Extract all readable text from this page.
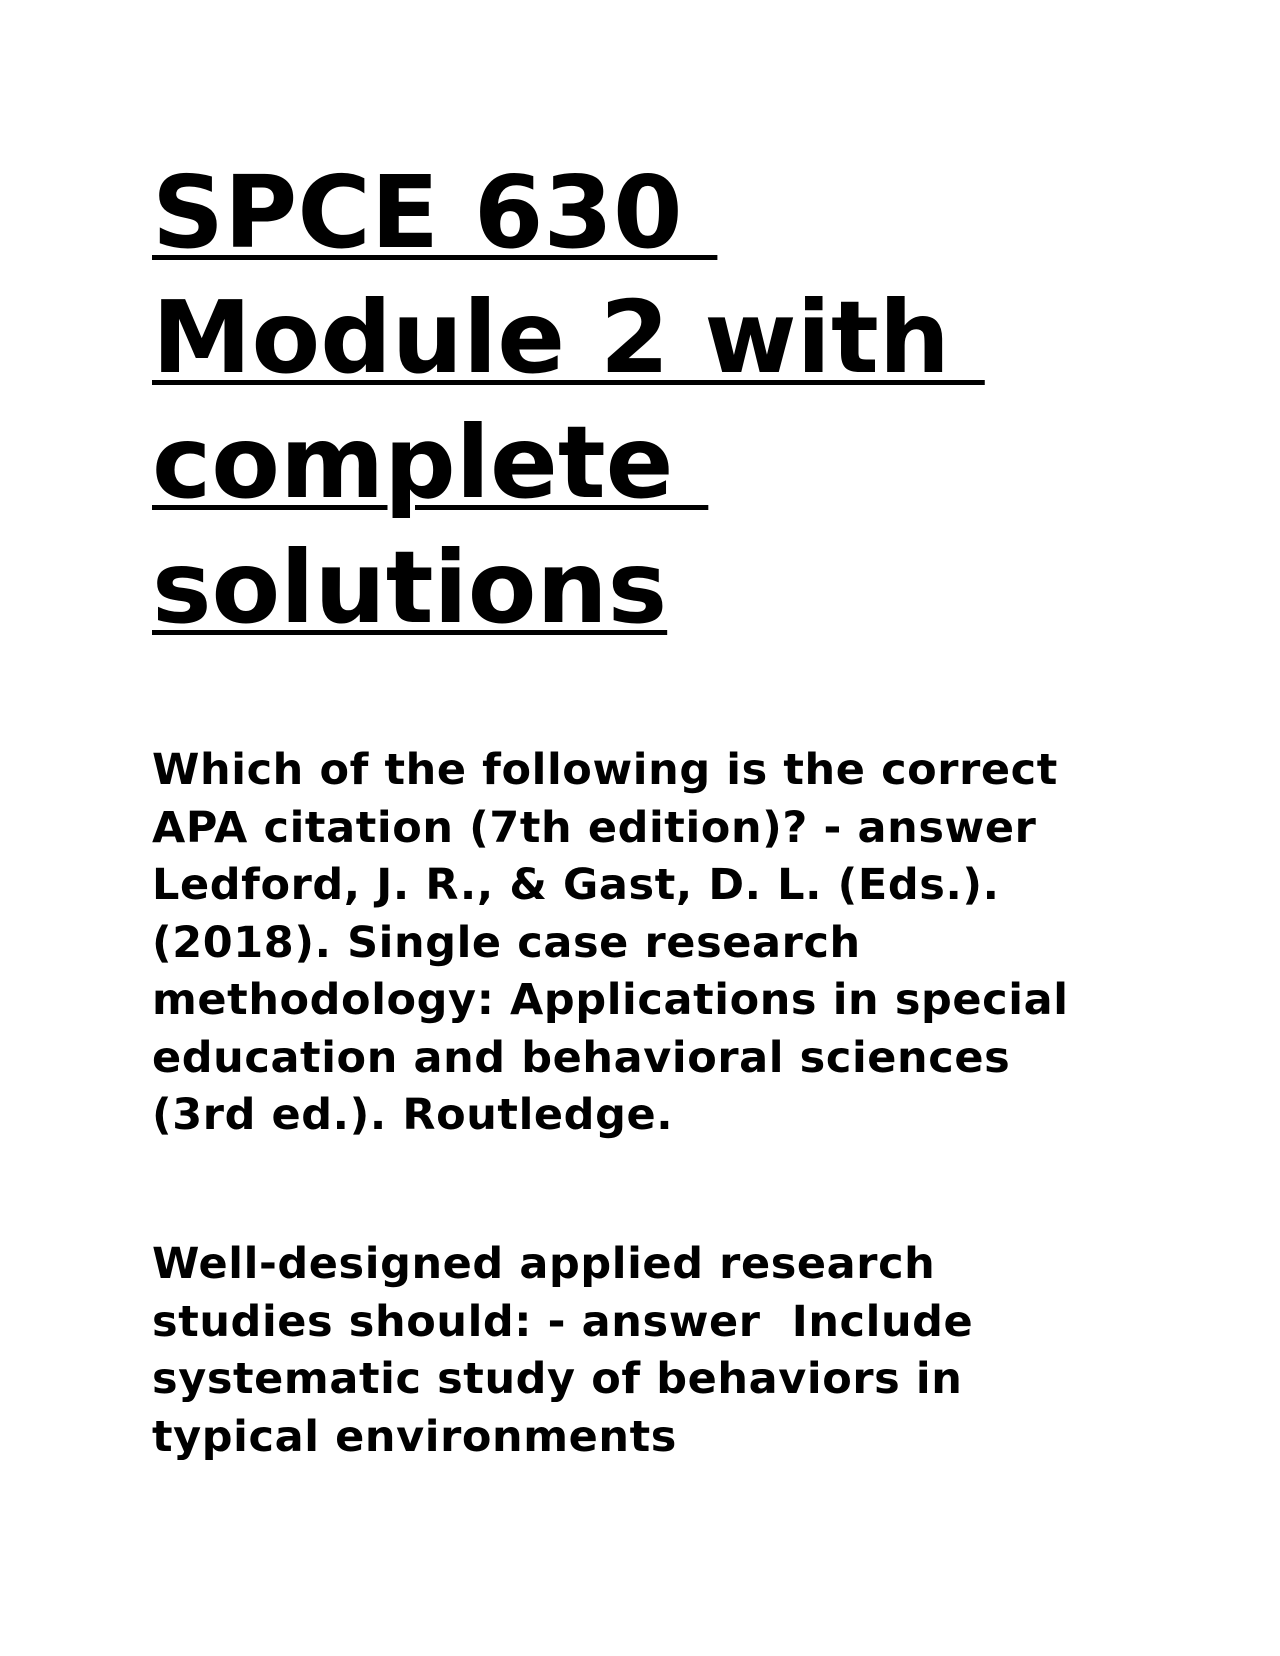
SPCE 630
Module 2 with
complete
solutions

Which of the following is the correct
APA citation (7th edition)? - answer
Ledford, J. R., & Gast, D. L. (Eds.).
(2018). Single case research
methodology: Applications in special
education and behavioral sciences
(3rd ed.). Routledge.

Well-designed applied research
studies should: - answer  Include
systematic study of behaviors in
typical environments
